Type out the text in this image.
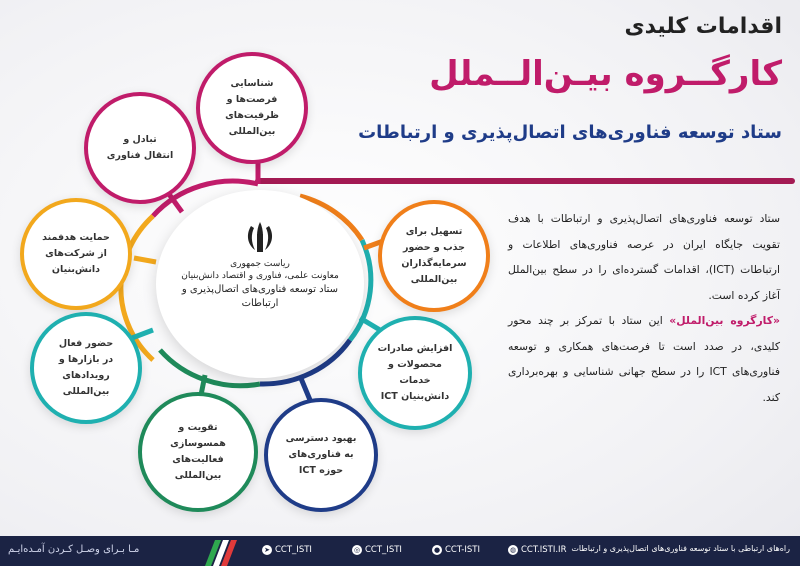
اقدامات کلیدی
کارگــروه بیـن‌الــملل
ستاد توسعه فناوری‌های اتصال‌پذیری و ارتباطات
ستاد توسعه فناوری‌های اتصال‌پذیری و ارتباطات با هدف تقویت جایگاه ایران در عرصه فناوری‌های اطلاعات و ارتباطات (ICT)، اقدامات گسترده‌ای را در سطح بین‌الملل آغاز کرده است.
«کارگروه بین‌الملل» این ستاد با تمرکز بر چند محور کلیدی، در صدد است تا فرصت‌های همکاری و توسعه فناوری‌های ICT را در سطح جهانی شناسایی و بهره‌برداری کند.
ریاست جمهوری
معاونت علمی، فناوری و اقتصاد دانش‌بنیان
ستاد توسعه فناوری‌های اتصال‌پذیری و ارتباطات
شناسایی
فرصت‌ها و
ظرفیت‌های
بین‌المللی
تبادل و
انتقال فناوری
حمایت هدفمند
از شرکت‌های
دانش‌بنیان
حضور فعال
در بازارها و
رویدادهای
بین‌المللی
تقویت و
همسوسازی
فعالیت‌های
بین‌المللی
بهبود دسترسی
به فناوری‌های
حوزه ICT
افزایش صادرات
محصولات و خدمات
دانش‌بنیان ICT
تسهیل برای
جذب و حضور
سرمایه‌گذاران
بین‌المللی
مـا بـرای وصـل کـردن آمـده‌ایـم	➤ CCT_ISTI	◎ CCT_ISTI	● CCT-ISTI	◍ CCT.ISTI.IR راه‌های ارتباطی با ستاد توسعه فناوری‌های اتصال‌پذیری و ارتباطات
